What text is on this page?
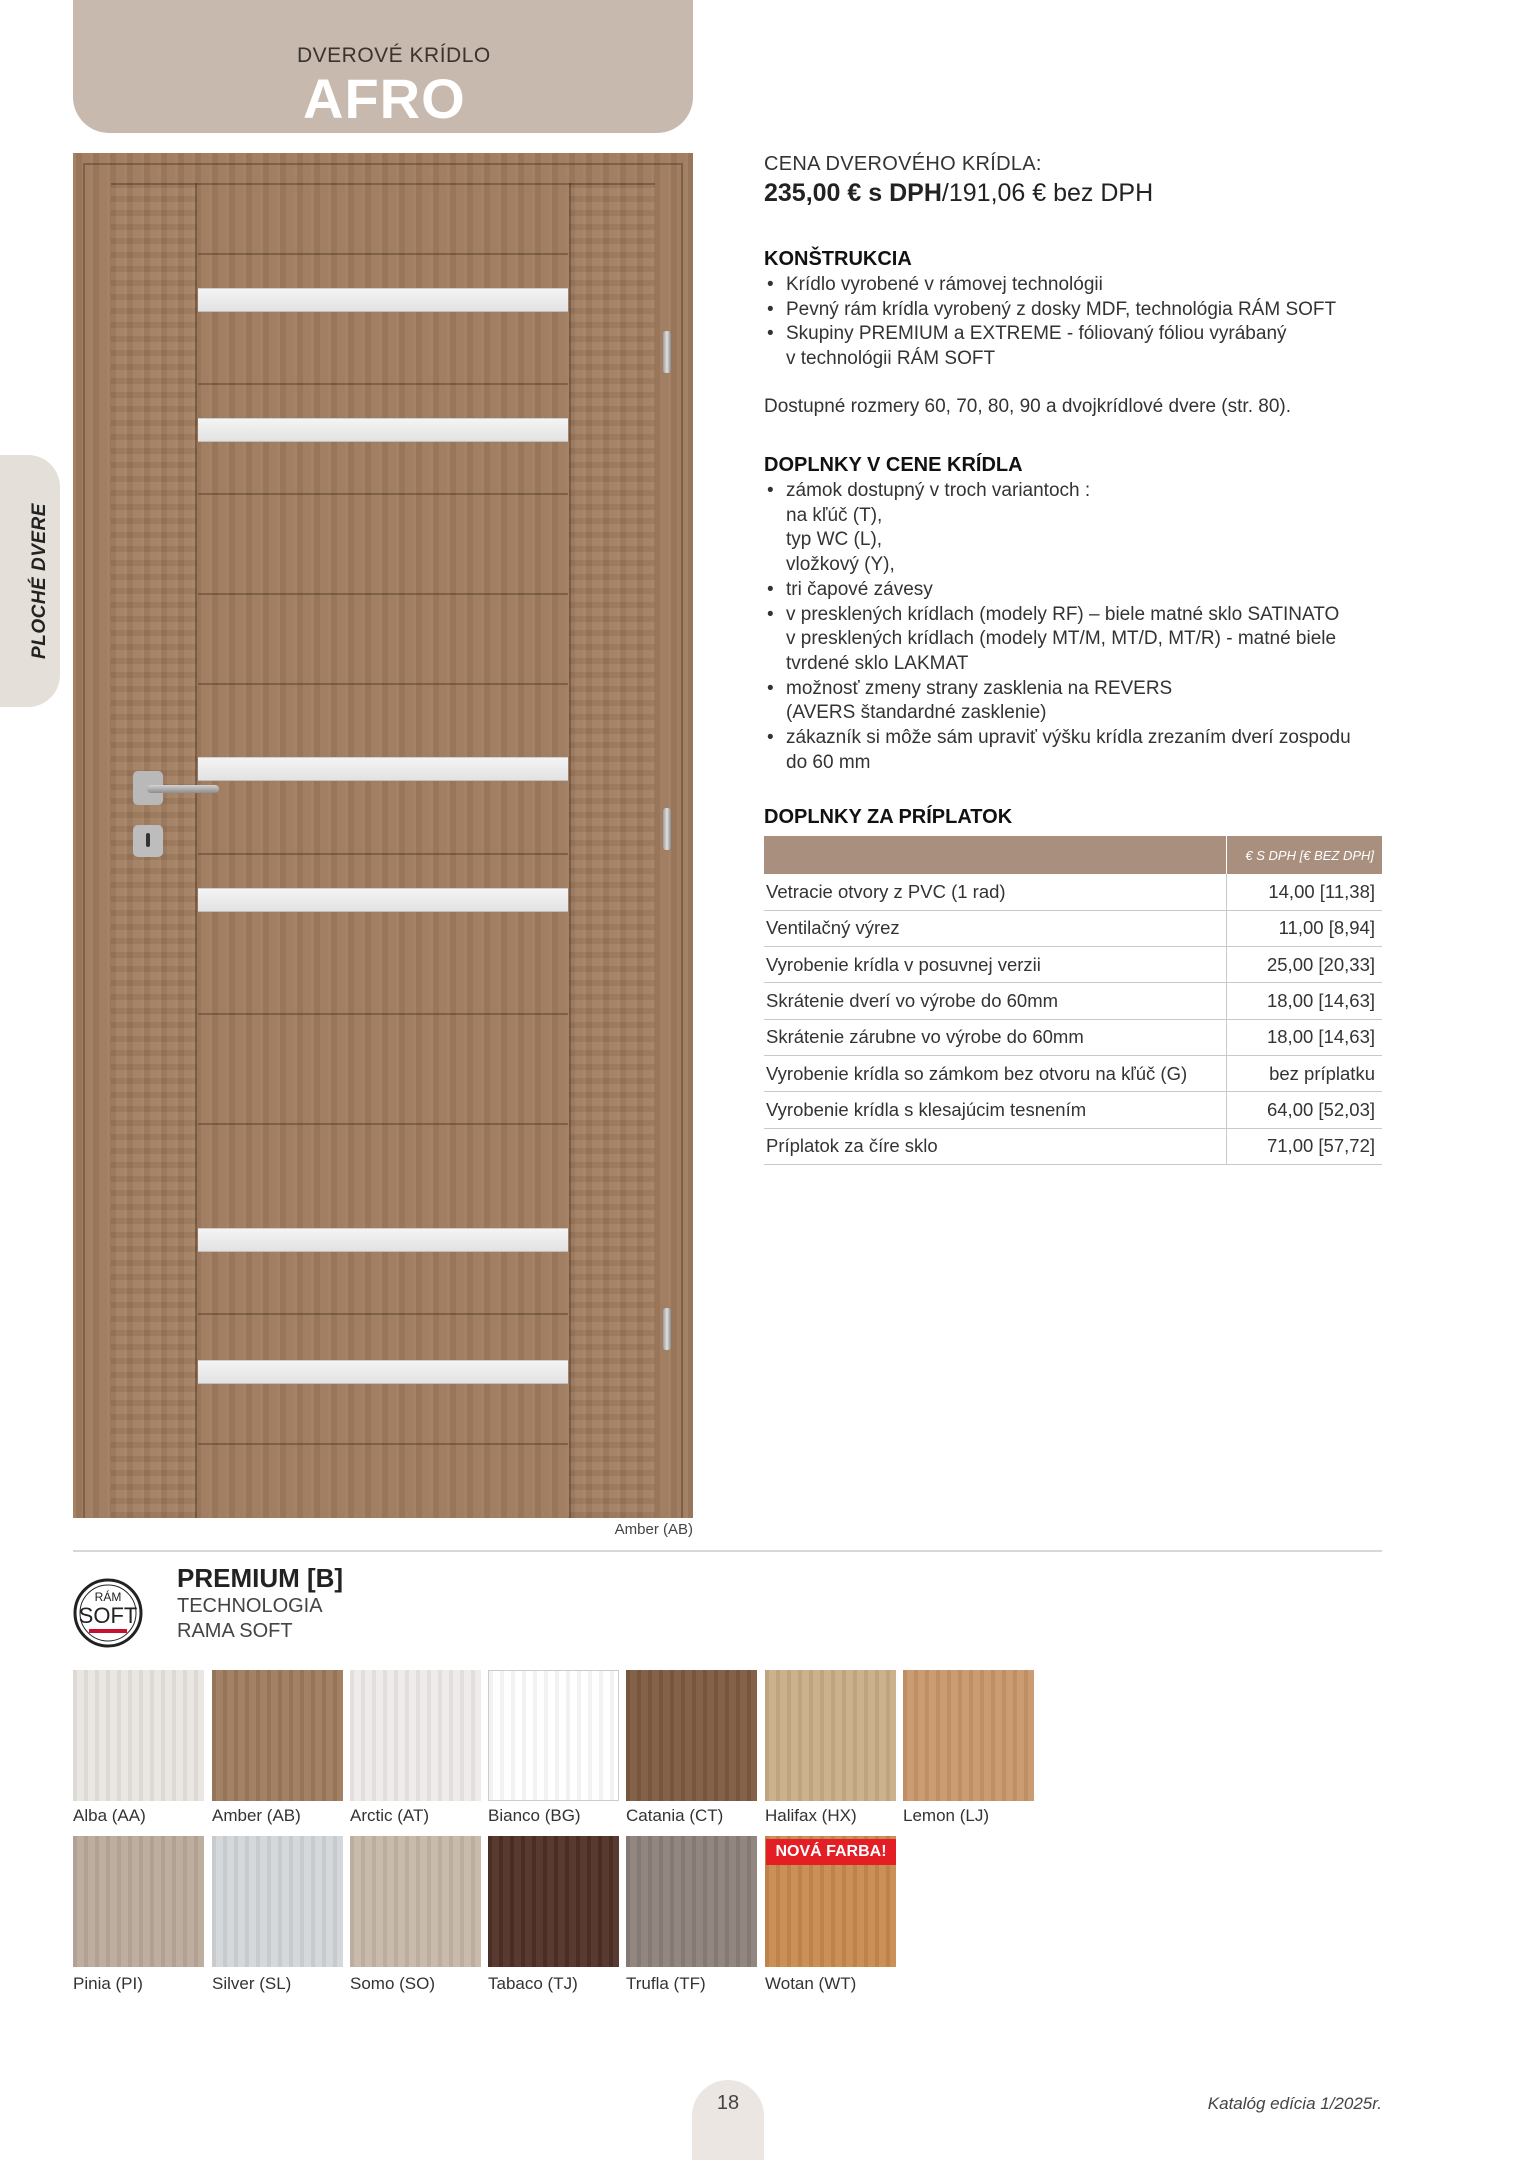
DVEROVÉ KRÍDLO
AFRO
PLOCHÉ DVERE
Amber (AB)
CENA DVEROVÉHO KRÍDLA:
235,00 € s DPH/191,06 € bez DPH
KONŠTRUKCIA
• Krídlo vyrobené v rámovej technológii
• Pevný rám krídla vyrobený z dosky MDF, technológia RÁM SOFT
• Skupiny PREMIUM a EXTREME - fóliovaný fóliou vyrábaný
v technológii RÁM SOFT
Dostupné rozmery 60, 70, 80, 90 a dvojkrídlové dvere (str. 80).
DOPLNKY V CENE KRÍDLA
• zámok dostupný v troch variantoch :
na kľúč (T),
typ WC (L),
vložkový (Y),
• tri čapové závesy
• v presklených krídlach (modely RF) – biele matné sklo SATINATO
v presklených krídlach (modely MT/M, MT/D, MT/R) - matné biele
tvrdené sklo LAKMAT
• možnosť zmeny strany zasklenia na REVERS
(AVERS štandardné zasklenie)
• zákazník si môže sám upraviť výšku krídla zrezaním dverí zospodu
do 60 mm
DOPLNKY ZA PRÍPLATOK
	€ S DPH [€ BEZ DPH]
Vetracie otvory z PVC (1 rad)	14,00 [11,38]
Ventilačný výrez	11,00 [8,94]
Vyrobenie krídla v posuvnej verzii	25,00 [20,33]
Skrátenie dverí vo výrobe do 60mm	18,00 [14,63]
Skrátenie zárubne vo výrobe do 60mm	18,00 [14,63]
Vyrobenie krídla so zámkom bez otvoru na kľúč (G)	bez príplatku
Vyrobenie krídla s klesajúcim tesnením	64,00 [52,03]
Príplatok za číre sklo	71,00 [57,72]
RÁM
SOFT
PREMIUM [B]
TECHNOLOGIA
RAMA SOFT
Alba (AA)	Amber (AB)	Arctic (AT)	Bianco (BG)	Catania (CT) Halifax (HX)	Lemon (LJ)
Pinia (PI)	Silver (SL)	Somo (SO)	Tabaco (TJ)	Trufla (TF)	Wotan (WT)
NOVÁ FARBA!
18	Katalóg edícia 1/2025r.
